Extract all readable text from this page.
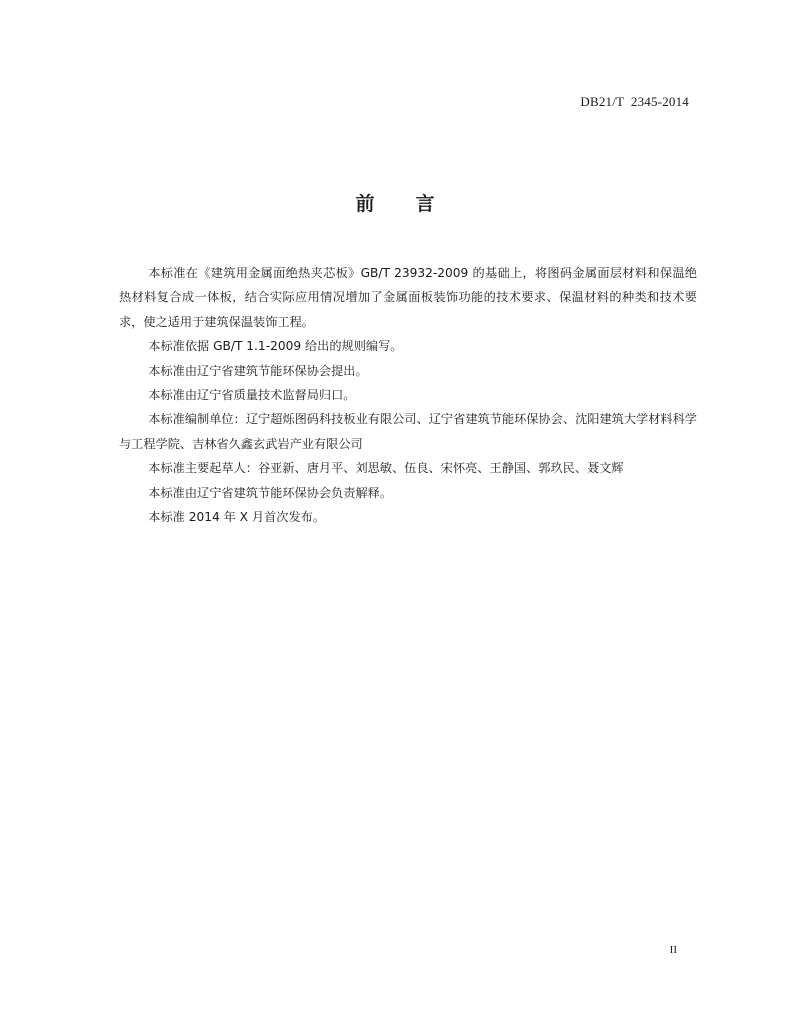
DB21/T  2345-2014
前 言

本标准在《建筑用金属面绝热夹芯板》GB/T 23932-2009 的基础上，将图码金属面层材料和保温绝热材料复合成一体板，结合实际应用情况增加了金属面板装饰功能的技术要求、保温材料的种类和技术要求，使之适用于建筑保温装饰工程。

本标准依据 GB/T 1.1-2009 给出的规则编写。

本标准由辽宁省建筑节能环保协会提出。

本标准由辽宁省质量技术监督局归口。

本标准编制单位：辽宁超烁图码科技板业有限公司、辽宁省建筑节能环保协会、沈阳建筑大学材料科学与工程学院、吉林省久鑫玄武岩产业有限公司

本标准主要起草人：谷亚新、唐月平、刘思敏、伍良、宋怀亮、王静国、郭玖民、聂文辉

本标准由辽宁省建筑节能环保协会负责解释。

本标准 2014 年 X 月首次发布。

II
